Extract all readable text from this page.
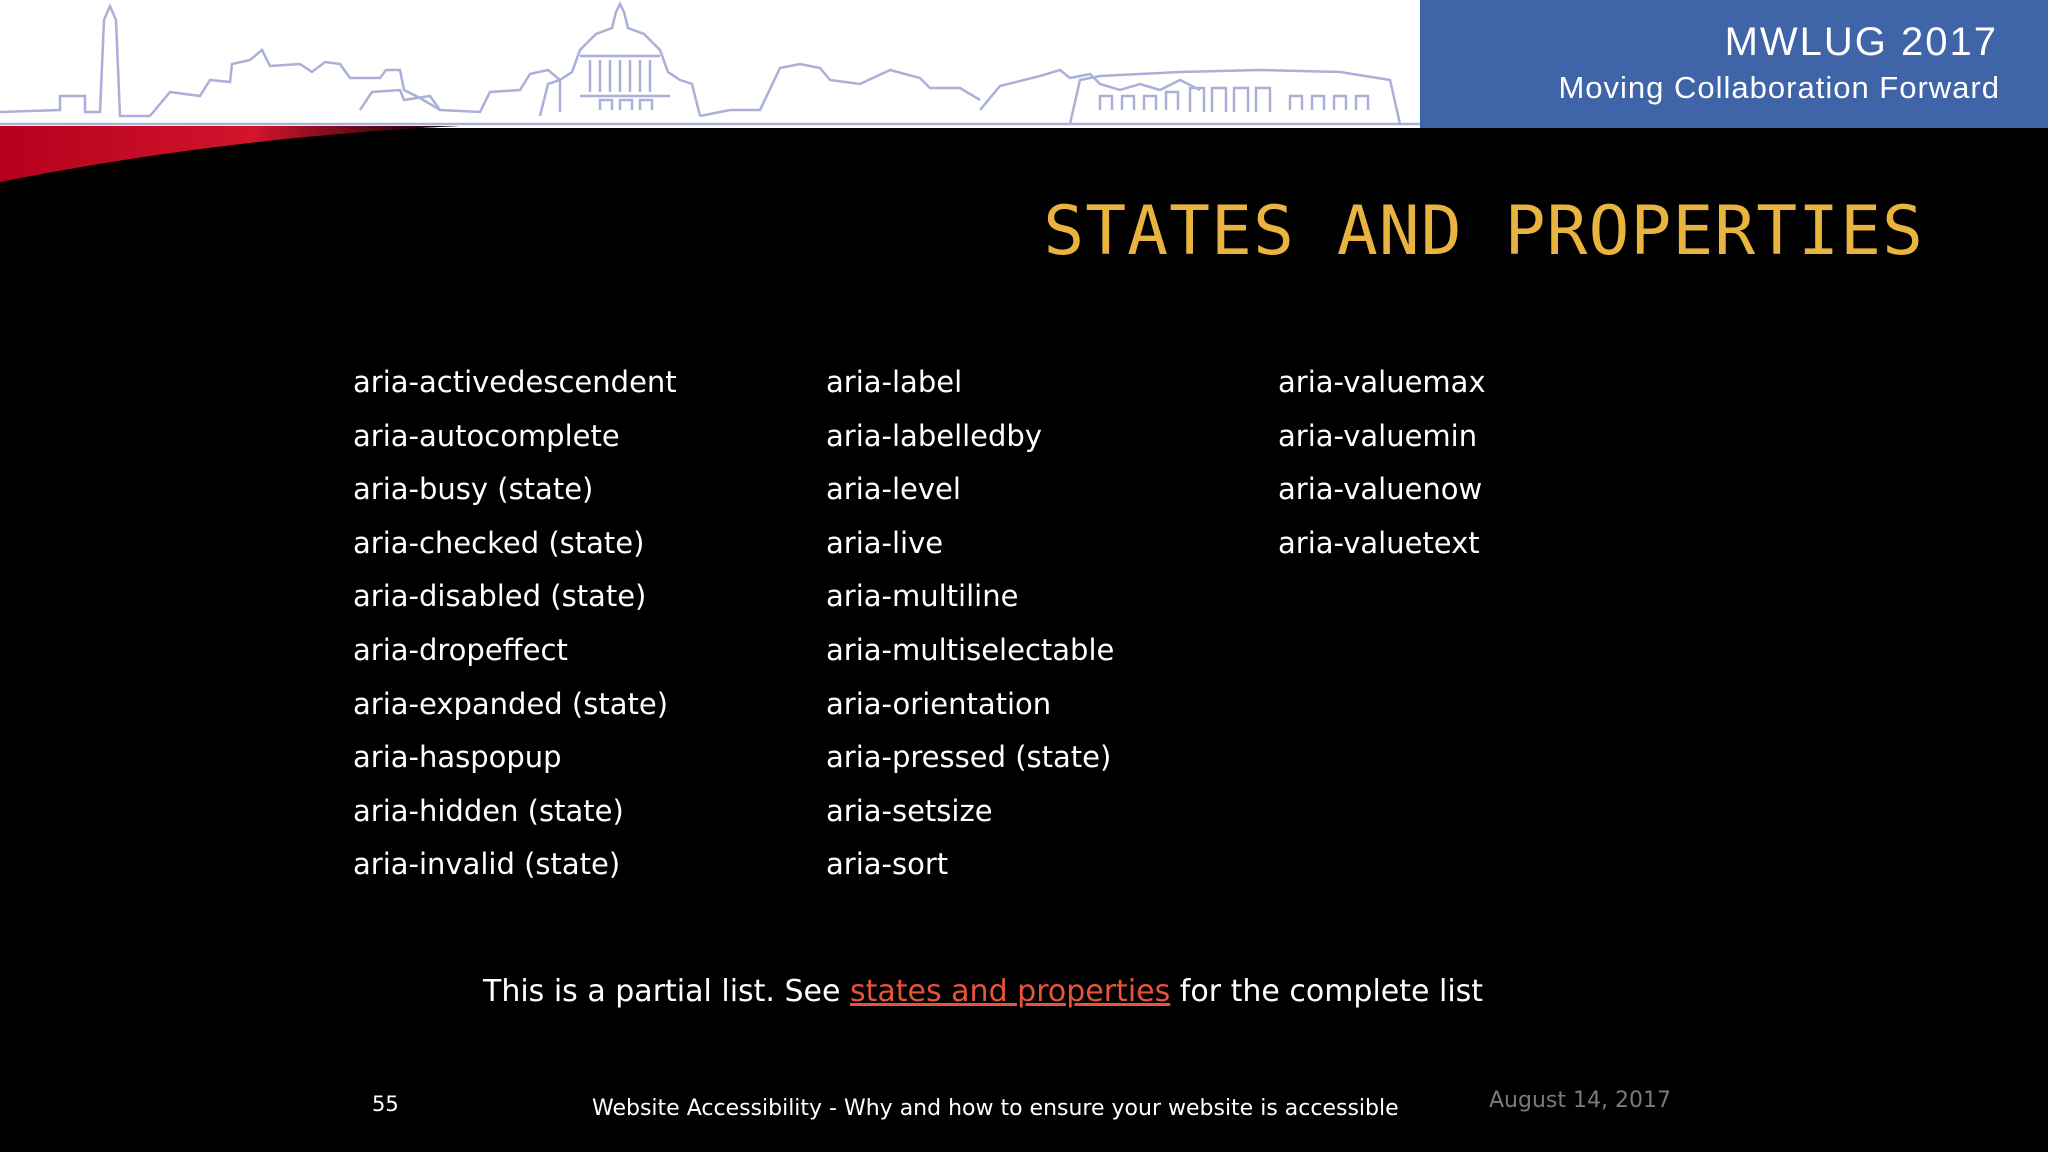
MWLUG 2017
Moving Collaboration Forward
STATES AND PROPERTIES
aria-activedescendent
aria-autocomplete
aria-busy (state)
aria-checked (state)
aria-disabled (state)
aria-dropeffect
aria-expanded (state)
aria-haspopup
aria-hidden (state)
aria-invalid (state)
aria-label
aria-labelledby
aria-level
aria-live
aria-multiline
aria-multiselectable
aria-orientation
aria-pressed (state)
aria-setsize
aria-sort
aria-valuemax
aria-valuemin
aria-valuenow
aria-valuetext
This is a partial list. See states and properties for the complete list
55	Website Accessibility - Why and how to ensure your website is accessible	August 14, 2017
